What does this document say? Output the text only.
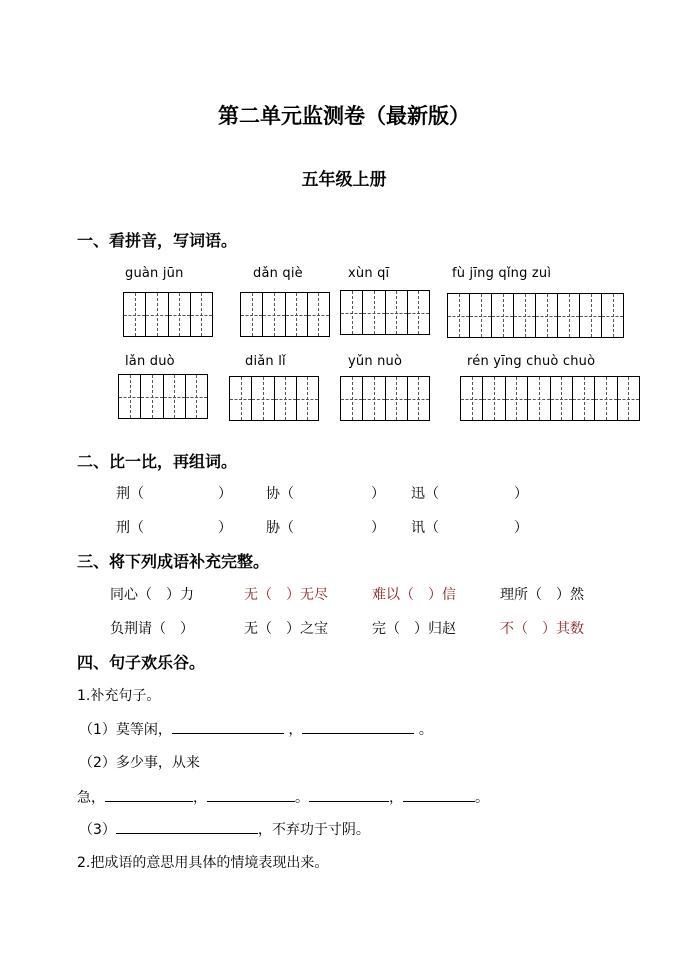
第二单元监测卷（最新版）
五年级上册
一、看拼音，写词语。
guàn jūn	dǎn qiè	xùn qī	fù jīng qǐng zuì
lǎn duò	diǎn lǐ	yǔn nuò	rén yīng chuò chuò
二、比一比，再组词。
荆（	） 协（	） 迅（	）
刑（	） 胁（	） 讯（	）
三、将下列成语补充完整。
同心（　）力	无（　）无尽	难以（　）信	理所（　）然
负荆请（　）	无（　）之宝	完（　）归赵	不（　）其数
四、句子欢乐谷。
1.补充句子。
（1）莫等闲，	，	。
（2）多少事，从来
急，	，	。	，	。
（3）	，不弃功于寸阴。
2.把成语的意思用具体的情境表现出来。
